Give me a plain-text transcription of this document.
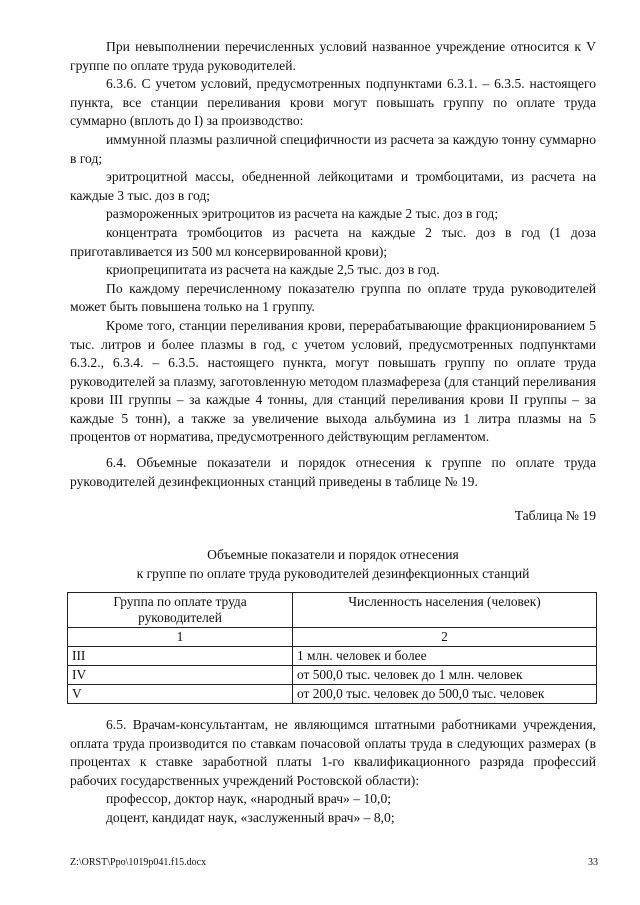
При невыполнении перечисленных условий названное учреждение относится к V группе по оплате труда руководителей.

6.3.6. С учетом условий, предусмотренных подпунктами 6.3.1. – 6.3.5. настоящего пункта, все станции переливания крови могут повышать группу по оплате труда суммарно (вплоть до I) за производство:

иммунной плазмы различной специфичности из расчета за каждую тонну суммарно в год;

эритроцитной массы, обедненной лейкоцитами и тромбоцитами, из расчета на каждые 3 тыс. доз в год;

размороженных эритроцитов из расчета на каждые 2 тыс. доз в год;

концентрата тромбоцитов из расчета на каждые 2 тыс. доз в год (1 доза приготавливается из 500 мл консервированной крови);

криопреципитата из расчета на каждые 2,5 тыс. доз в год.

По каждому перечисленному показателю группа по оплате труда руководителей может быть повышена только на 1 группу.

Кроме того, станции переливания крови, перерабатывающие фракционированием 5 тыс. литров и более плазмы в год, с учетом условий, предусмотренных подпунктами 6.3.2., 6.3.4. – 6.3.5. настоящего пункта, могут повышать группу по оплате труда руководителей за плазму, заготовленную методом плазмафереза (для станций переливания крови III группы – за каждые 4 тонны, для станций переливания крови II группы – за каждые 5 тонн), а также за увеличение выхода альбумина из 1 литра плазмы на 5 процентов от норматива, предусмотренного действующим регламентом.

6.4. Объемные показатели и порядок отнесения к группе по оплате труда руководителей дезинфекционных станций приведены в таблице № 19.

Таблица № 19
Объемные показатели и порядок отнесения
к группе по оплате труда руководителей дезинфекционных станций
Группа по оплате труда руководителей	Численность населения (человек)
1	2
III	1 млн. человек и более
IV	от 500,0 тыс. человек до 1 млн. человек
V	от 200,0 тыс. человек до 500,0 тыс. человек

6.5. Врачам-консультантам, не являющимся штатными работниками учреждения, оплата труда производится по ставкам почасовой оплаты труда в следующих размерах (в процентах к ставке заработной платы 1-го квалификационного разряда профессий рабочих государственных учреждений Ростовской области):

профессор, доктор наук, «народный врач» – 10,0;

доцент, кандидат наук, «заслуженный врач» – 8,0;

Z:\ORST\Ppo\1019p041.f15.docx	33
